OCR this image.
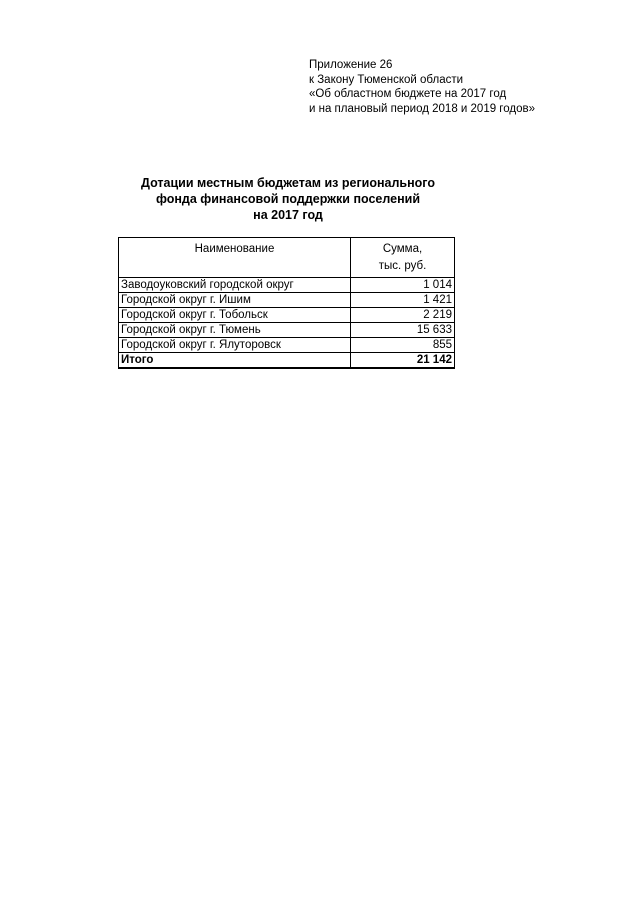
Приложение 26
к Закону Тюменской области
«Об областном бюджете на 2017 год
и на плановый период 2018 и 2019 годов»
Дотации местным бюджетам из регионального
фонда финансовой поддержки поселений
на 2017 год
Наименование	Сумма,
тыс. руб.
Заводоуковский городской округ	1 014
Городской округ г. Ишим	1 421
Городской округ г. Тобольск	2 219
Городской округ г. Тюмень	15 633
Городской округ г. Ялуторовск	855
Итого	21 142
